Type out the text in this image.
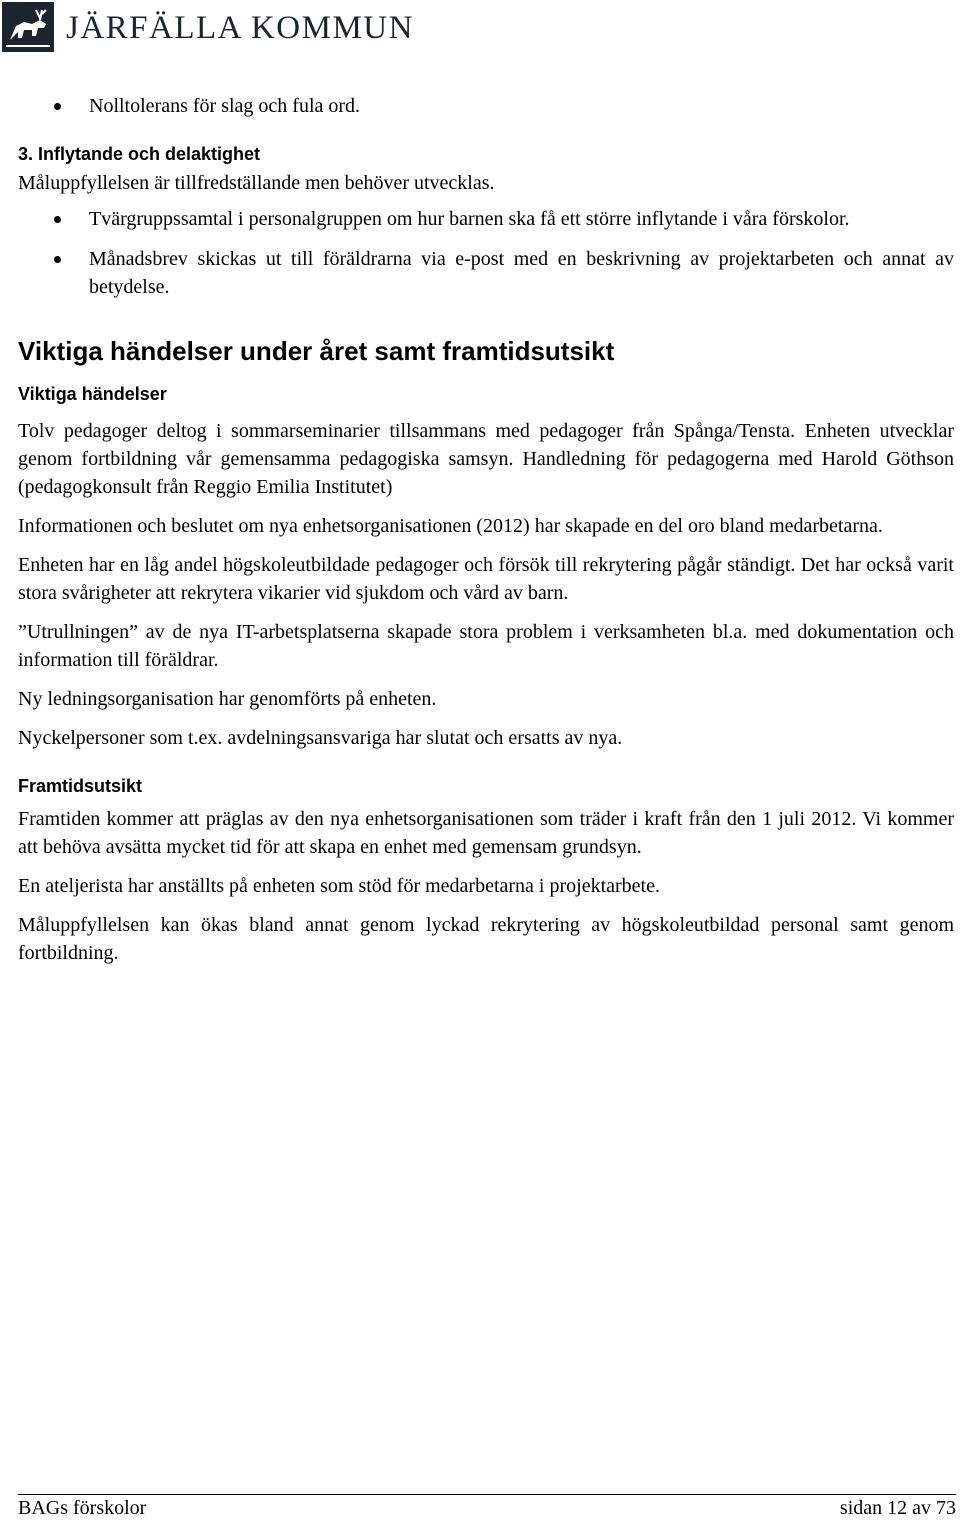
JÄRFÄLLA KOMMUN
Nolltolerans för slag och fula ord.
3. Inflytande och delaktighet
Måluppfyllelsen är tillfredställande men behöver utvecklas.
Tvärgruppssamtal i personalgruppen om hur barnen ska få ett större inflytande i våra förskolor.
Månadsbrev skickas ut till föräldrarna via e-post med en beskrivning av projektarbeten och annat av betydelse.
Viktiga händelser under året samt framtidsutsikt
Viktiga händelser
Tolv pedagoger deltog i sommarseminarier tillsammans med pedagoger från Spånga/Tensta. Enheten utvecklar genom fortbildning vår gemensamma pedagogiska samsyn. Handledning för pedagogerna med Harold Göthson (pedagogkonsult från Reggio Emilia Institutet)
Informationen och beslutet om nya enhetsorganisationen (2012) har skapade en del oro bland medarbetarna.
Enheten har en låg andel högskoleutbildade pedagoger och försök till rekrytering pågår ständigt. Det har också varit stora svårigheter att rekrytera vikarier vid sjukdom och vård av barn.
”Utrullningen” av de nya IT-arbetsplatserna skapade stora problem i verksamheten bl.a. med dokumentation och information till föräldrar.
Ny ledningsorganisation har genomförts på enheten.
Nyckelpersoner som t.ex. avdelningsansvariga har slutat och ersatts av nya.
Framtidsutsikt
Framtiden kommer att präglas av den nya enhetsorganisationen som träder i kraft från den 1 juli 2012. Vi kommer att behöva avsätta mycket tid för att skapa en enhet med gemensam grundsyn.
En ateljerista har anställts på enheten som stöd för medarbetarna i projektarbete.
Måluppfyllelsen kan ökas bland annat genom lyckad rekrytering av högskoleutbildad personal samt genom fortbildning.
BAGs förskolor	sidan 12 av 73
